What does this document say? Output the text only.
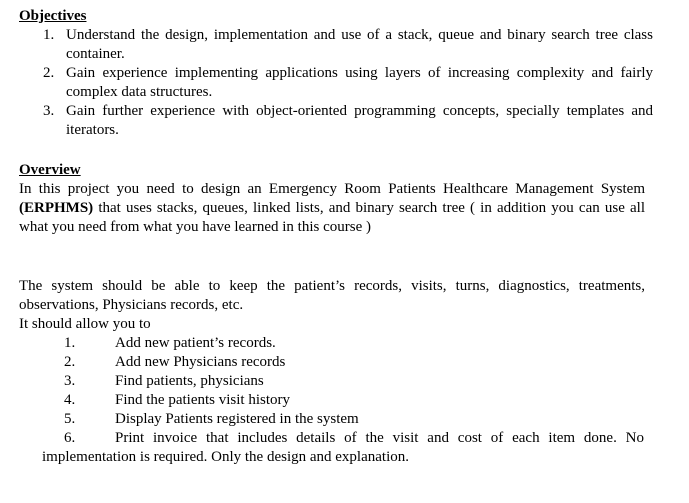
Objectives
1. Understand the design, implementation and use of a stack, queue and binary search tree class container.
2. Gain experience implementing applications using layers of increasing complexity and fairly complex data structures.
3. Gain further experience with object-oriented programming concepts, specially templates and iterators.
Overview
In this project you need to design an Emergency Room Patients Healthcare Management System (ERPHMS) that uses stacks, queues, linked lists, and binary search tree ( in addition you can use all what you need from what you have learned in this course )
The system should be able to keep the patient’s records, visits, turns, diagnostics, treatments, observations, Physicians records, etc.
It should allow you to
1.	Add new patient’s records.
2.	Add new Physicians records
3.	Find patients, physicians
4.	Find the patients visit history
5.	Display Patients registered in the system
6.	Print invoice that includes details of the visit and cost of each item done. No
implementation is required. Only the design and explanation.
